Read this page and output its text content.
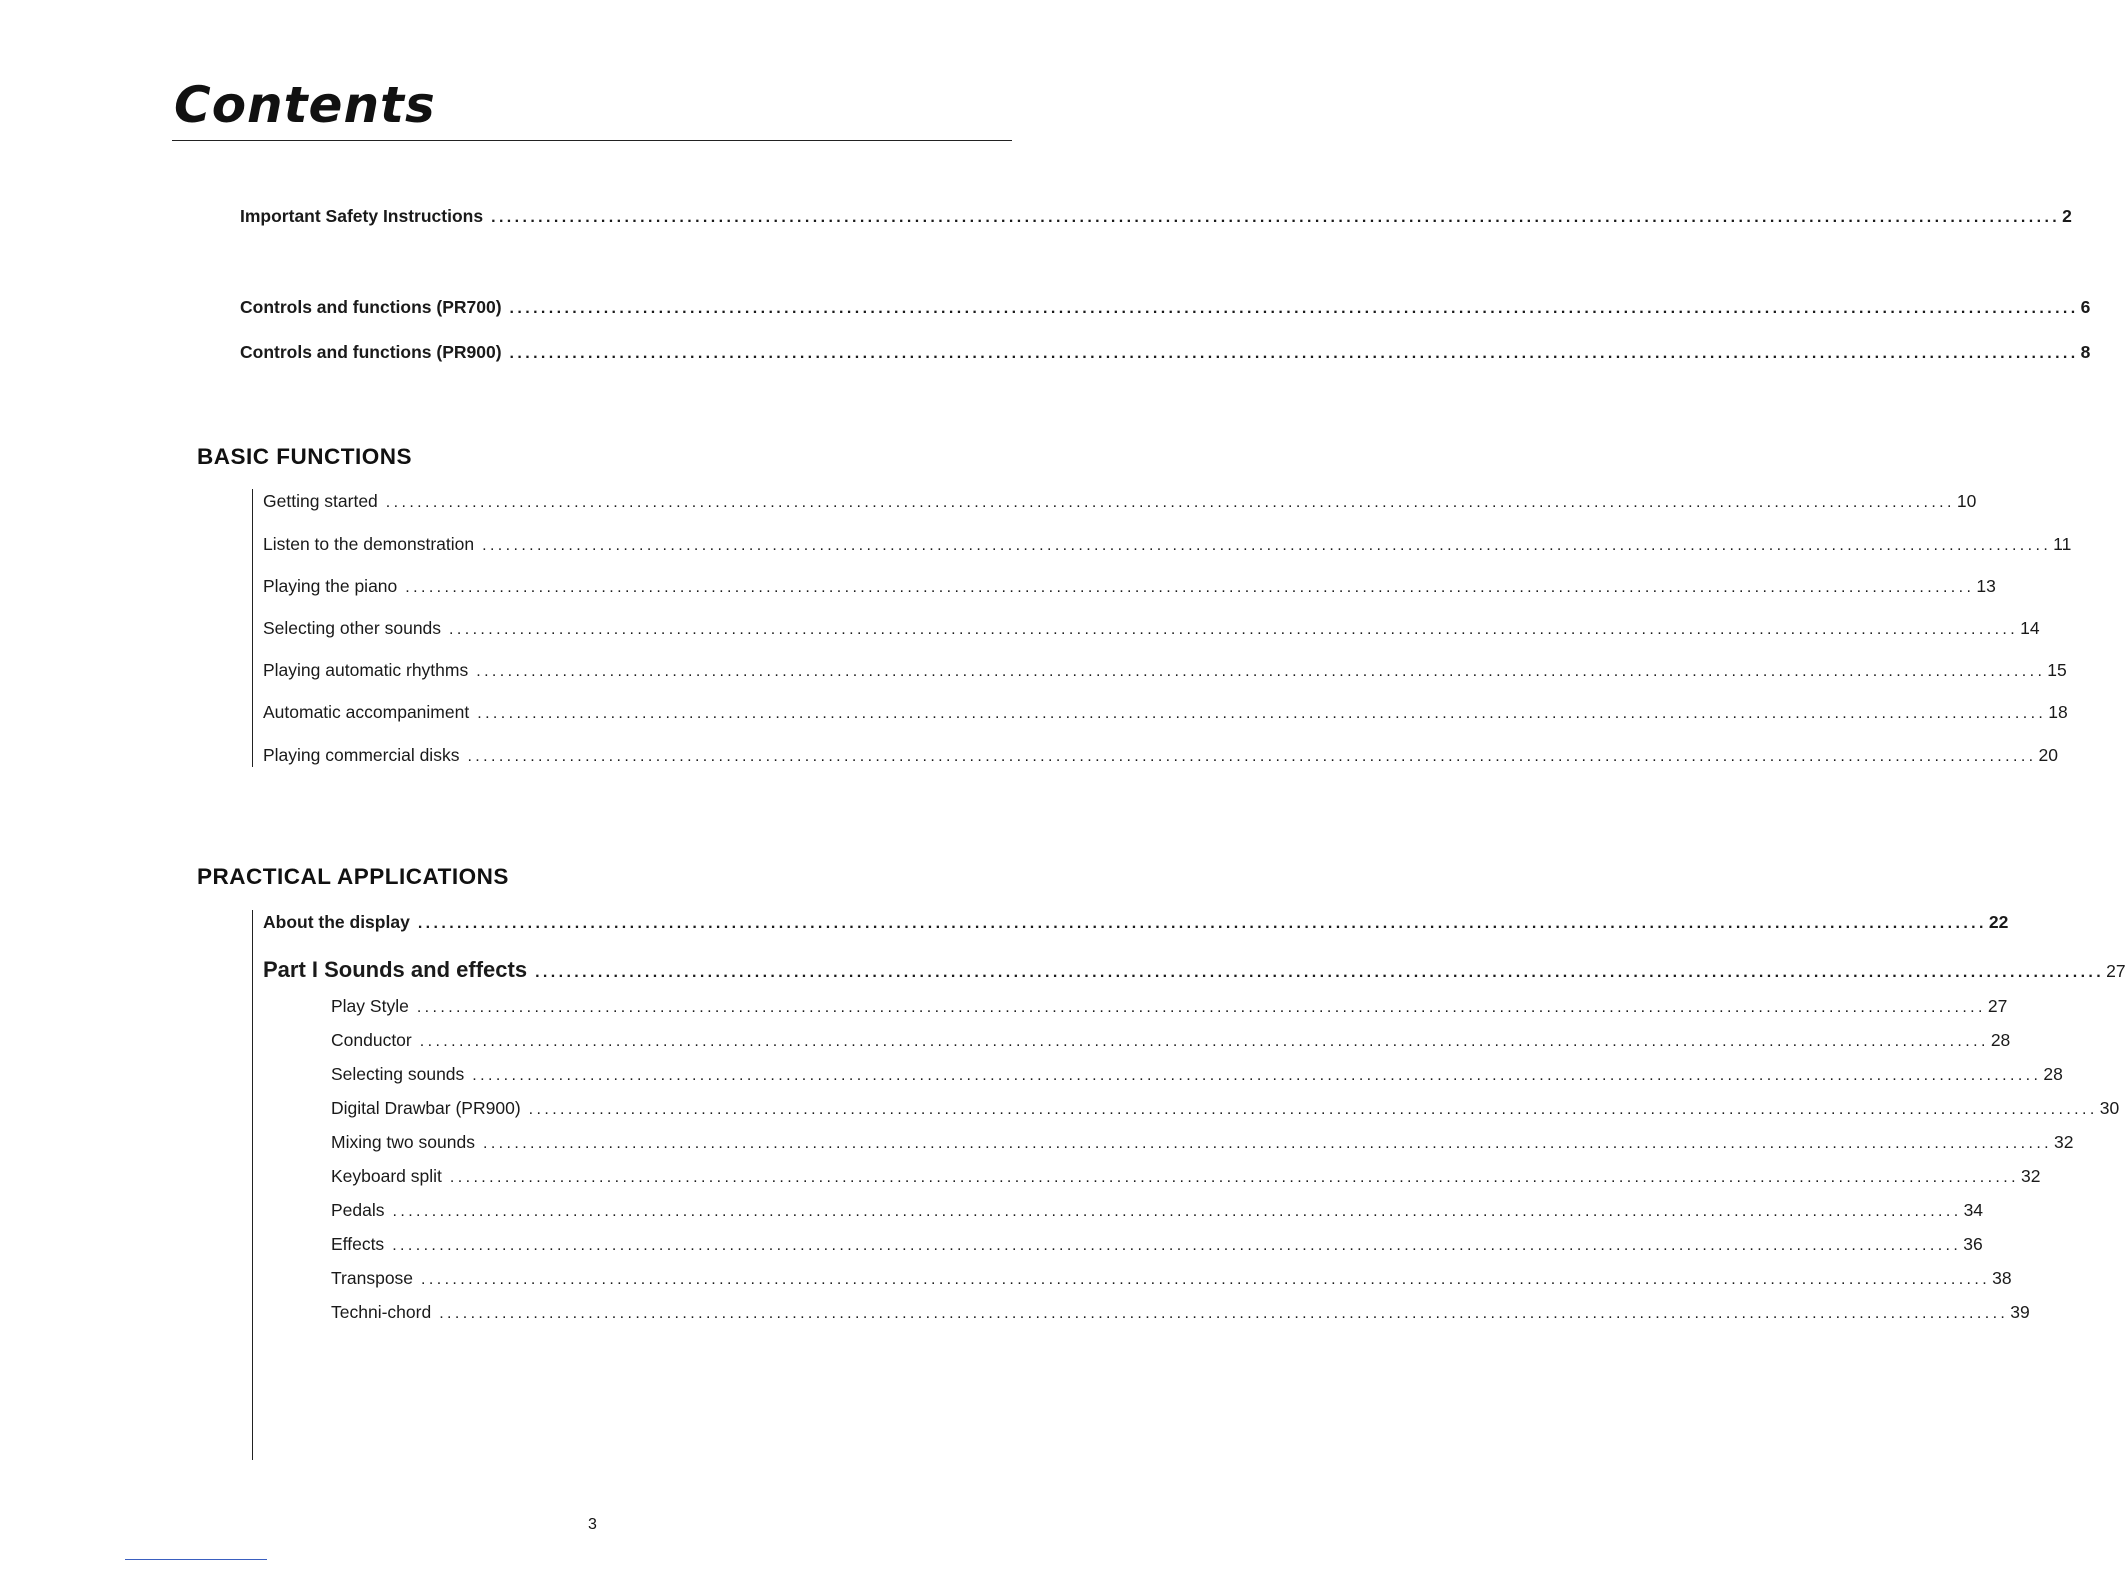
Contents
Important Safety Instructions ........................................................................................................................................................................................................ 2
Controls and functions (PR700) ........................................................................................................................................................................................................ 6
Controls and functions (PR900) ........................................................................................................................................................................................................ 8
BASIC FUNCTIONS
Getting started ........................................................................................................................................................................................................ 10
Listen to the demonstration ........................................................................................................................................................................................................ 11
Playing the piano ........................................................................................................................................................................................................ 13
Selecting other sounds ........................................................................................................................................................................................................ 14
Playing automatic rhythms ........................................................................................................................................................................................................ 15
Automatic accompaniment ........................................................................................................................................................................................................ 18
Playing commercial disks ........................................................................................................................................................................................................ 20
PRACTICAL APPLICATIONS
About the display ........................................................................................................................................................................................................ 22
Part I Sounds and effects ........................................................................................................................................................................................................ 27
Play Style ........................................................................................................................................................................................................ 27
Conductor ........................................................................................................................................................................................................ 28
Selecting sounds ........................................................................................................................................................................................................ 28
Digital Drawbar (PR900) ........................................................................................................................................................................................................ 30
Mixing two sounds ........................................................................................................................................................................................................ 32
Keyboard split ........................................................................................................................................................................................................ 32
Pedals ........................................................................................................................................................................................................ 34
Effects ........................................................................................................................................................................................................ 36
Transpose ........................................................................................................................................................................................................ 38
Techni-chord ........................................................................................................................................................................................................ 39
3
